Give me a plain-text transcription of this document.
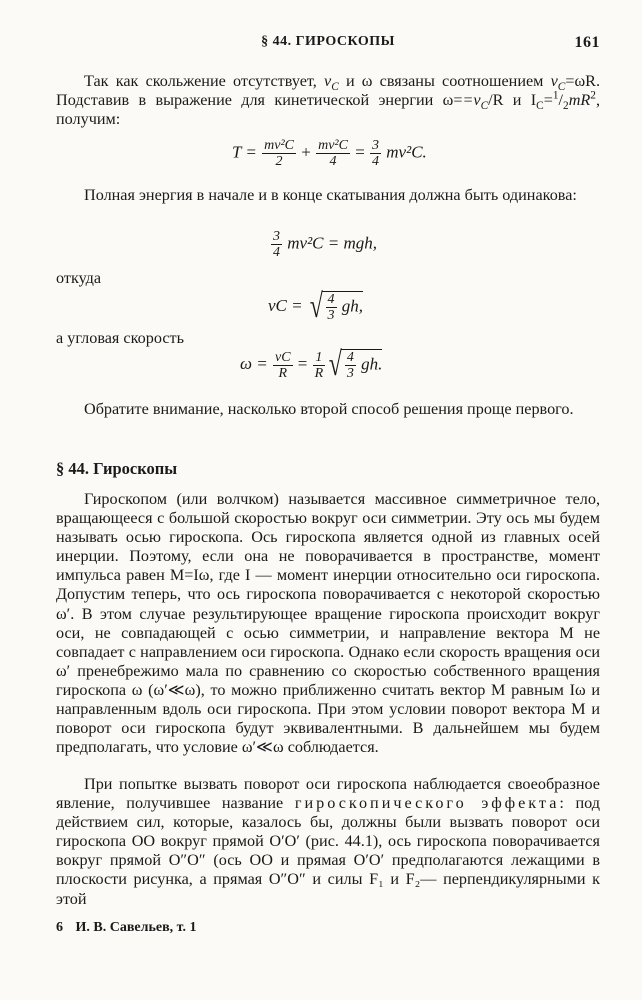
§ 44. ГИРОСКОПЫ	161
Так как скольжение отсутствует, $v_C$ и ω связаны соотношением $v_C=\omega R$. Подставив в выражение для кинетической энергии $\omega==v_C/R$ и $I_C=^1/_2mR^2$, получим:
$T = \frac{\text{mv²C}}{2} + \frac{\text{mv²C}}{4} = \frac{3}{4} mv^2C$.
Полная энергия в начале и в конце скатывания должна быть одинакова:
$\frac{3}{4} mv^2C$ = mgh,
откуда
vC = √ $\frac{4}{3}$ gh,
а угловая скорость
$\omega = \frac{vC}{R} = \frac{1}{R}$ √ $\frac{4}{3}$ gh.
Обратите внимание, насколько второй способ решения проще первого.
§ 44. Гироскопы
Гироскопом (или волчком) называется массивное симметричное тело, вращающееся с большой скоростью вокруг оси симметрии. Эту ось мы будем называть осью гироскопа. Ось гироскопа является одной из главных осей инерции. Поэтому, если она не поворачивается в пространстве, момент импульса равен M=Iω, где I — момент инерции относительно оси гироскопа. Допустим теперь, что ось гироскопа поворачивается с некоторой скоростью ω′. В этом случае результирующее вращение гироскопа происходит вокруг оси, не совпадающей с осью симметрии, и направление вектора M не совпадает с направлением оси гироскопа. Однако если скорость вращения оси ω′ пренебрежимо мала по сравнению со скоростью собственного вращения гироскопа ω (ω′≪ω), то можно приближенно считать вектор M равным Iω и направленным вдоль оси гироскопа. При этом условии поворот вектора M и поворот оси гироскопа будут эквивалентными. В дальнейшем мы будем предполагать, что условие ω′≪ω соблюдается.
При попытке вызвать поворот оси гироскопа наблюдается своеобразное явление, получившее название гироскопического эффекта: под действием сил, которые, казалось бы, должны были вызвать поворот оси гироскопа OO вокруг прямой O′O′ (рис. 44.1), ось гироскопа поворачивается вокруг прямой O″O″ (ось OO и прямая O′O′ предполагаются лежащими в плоскости рисунка, а прямая O″O″ и силы F₁ и F₂— перпендикулярными к этой
6 И. В. Савельев, т. 1
